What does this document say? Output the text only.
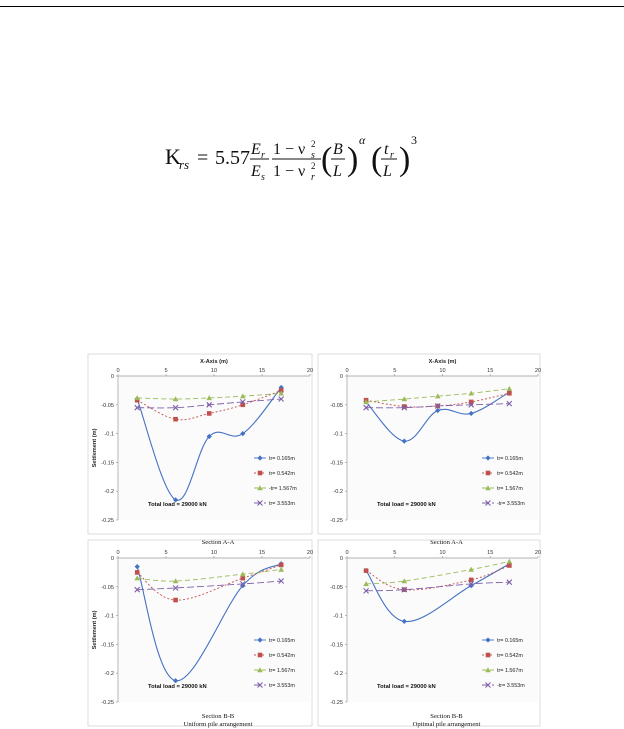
K
rs = 5.57 E r
E s
1 − ν 2
s
1 − ν 2
r ( B
L )
α
( t r
L )
3
0	5	10	15	20
0
-0.05
-0.1
-0.15
-0.2
-0.25
X-Axis (m)
Settlement (m)	tr= 0.165m
tr= 0.542m
-tr= 1.567m
tr= 3.553m
Total load = 29000 kN
Section A-A
0	5	10	15	20
0
-0.05
-0.1
-0.15
-0.2
-0.25
X-Axis (m)
tr= 0.165m
tr= 0.542m
tr= 1.567m
-tr= 3.553m
Total load = 29000 kN
Section A-A
0	5	10	15	20
0
-0.05
-0.1
-0.15
-0.2
-0.25
Settlement (m)	tr= 0.165m
tr= 0.542m
tr= 1.567m
tr= 3.553m
Total load = 29000 kN
Section B-B
Uniform pile arrangement
0	5	10	15	20
0
-0.05
-0.1
-0.15
-0.2
-0.25
tr= 0.165m
tr= 0.542m
tr= 1.567m
-tr= 3.553m
Total load = 29000 kN
Section B-B
Optimal pile arrangement
